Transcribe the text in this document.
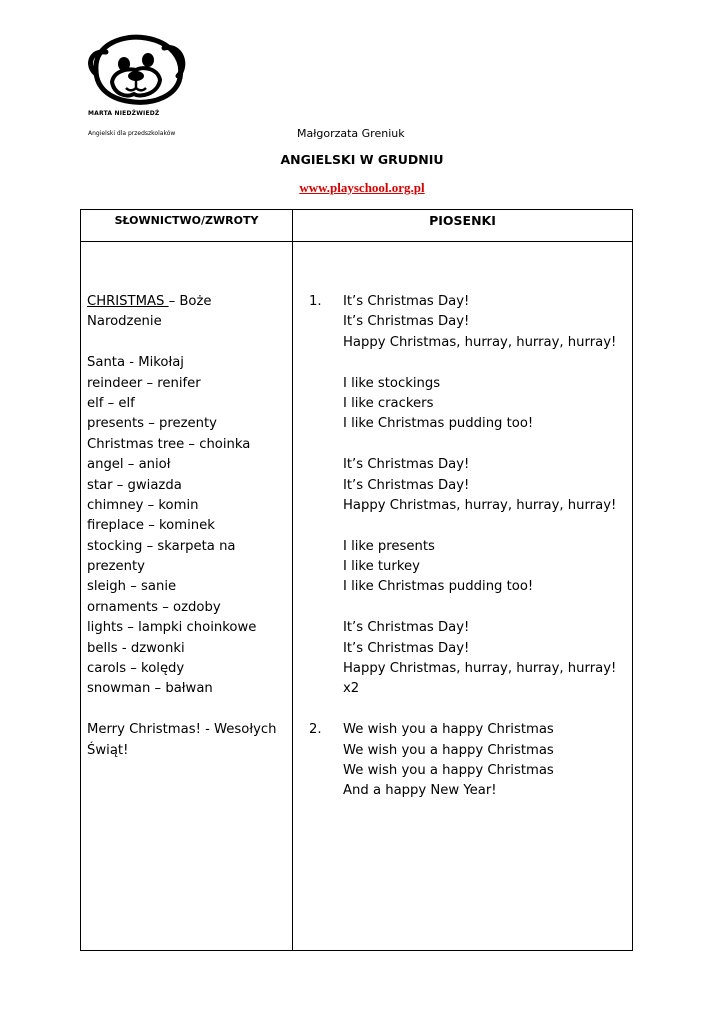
MARTA NIEDŹWIEDŹ
Angielski dla przedszkolaków	Małgorzata Greniuk
ANGIELSKI W GRUDNIU
www.playschool.org.pl
SŁOWNICTWO/ZWROTY	PIOSENKI
CHRISTMAS – Boże
Narodzenie
Santa - Mikołaj
reindeer – renifer
elf – elf
presents – prezenty
Christmas tree – choinka
angel – anioł
star – gwiazda
chimney – komin
fireplace – kominek
stocking – skarpeta na
prezenty
sleigh – sanie
ornaments – ozdoby
lights – lampki choinkowe
bells - dzwonki
carols – kolędy
snowman – bałwan
Merry Christmas! - Wesołych
Świąt!
1. It’s Christmas Day!
It’s Christmas Day!
Happy Christmas, hurray, hurray, hurray!
I like stockings
I like crackers
I like Christmas pudding too!
It’s Christmas Day!
It’s Christmas Day!
Happy Christmas, hurray, hurray, hurray!
I like presents
I like turkey
I like Christmas pudding too!
It’s Christmas Day!
It’s Christmas Day!
Happy Christmas, hurray, hurray, hurray!
x2
2. We wish you a happy Christmas
We wish you a happy Christmas
We wish you a happy Christmas
And a happy New Year!
